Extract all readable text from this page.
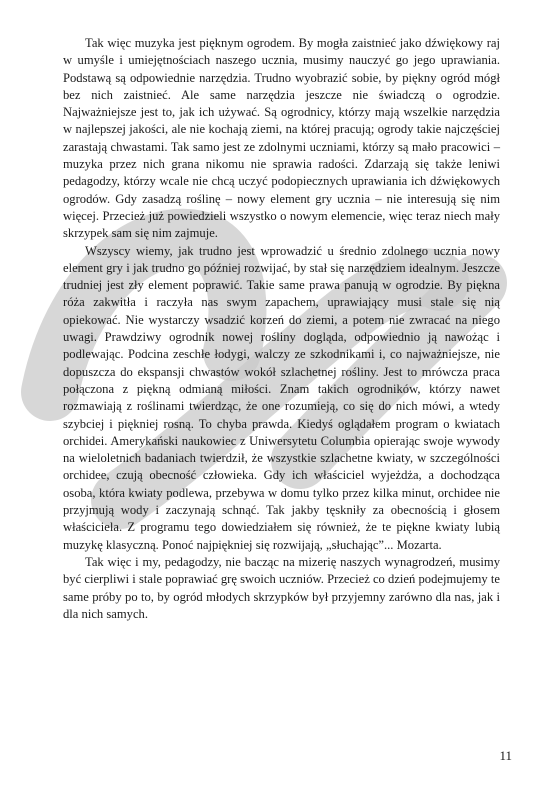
Tak więc muzyka jest pięknym ogrodem. By mogła zaistnieć jako dźwiękowy raj w umyśle i umiejętnościach naszego ucznia, musimy nauczyć go jego uprawiania. Podstawą są odpowiednie narzędzia. Trudno wyobrazić sobie, by piękny ogród mógł bez nich zaistnieć. Ale same narzędzia jeszcze nie świadczą o ogrodzie. Najważniejsze jest to, jak ich używać. Są ogrodnicy, którzy mają wszelkie narzędzia w najlepszej jakości, ale nie kochają ziemi, na której pracują; ogrody takie najczęściej zarastają chwastami. Tak samo jest ze zdolnymi uczniami, którzy są mało pracowici – muzyka przez nich grana nikomu nie sprawia radości. Zdarzają się także leniwi pedagodzy, którzy wcale nie chcą uczyć podopiecznych uprawiania ich dźwiękowych ogrodów. Gdy zasadzą roślinę – nowy element gry ucznia – nie interesują się nim więcej. Przecież już powiedzieli wszystko o nowym elemencie, więc teraz niech mały skrzypek sam się nim zajmuje.

Wszyscy wiemy, jak trudno jest wprowadzić u średnio zdolnego ucznia nowy element gry i jak trudno go później rozwijać, by stał się narzędziem idealnym. Jeszcze trudniej jest zły element poprawić. Takie same prawa panują w ogrodzie. By piękna róża zakwitła i raczyła nas swym zapachem, uprawiający musi stale się nią opiekować. Nie wystarczy wsadzić korzeń do ziemi, a potem nie zwracać na niego uwagi. Prawdziwy ogrodnik nowej rośliny dogląda, odpowiednio ją nawożąc i podlewając. Podcina zeschłe łodygi, walczy ze szkodnikami i, co najważniejsze, nie dopuszcza do ekspansji chwastów wokół szlachetnej rośliny. Jest to mrówcza praca połączona z piękną odmianą miłości. Znam takich ogrodników, którzy nawet rozmawiają z roślinami twierdząc, że one rozumieją, co się do nich mówi, a wtedy szybciej i piękniej rosną. To chyba prawda. Kiedyś oglądałem program o kwiatach orchidei. Amerykański naukowiec z Uniwersytetu Columbia opierając swoje wywody na wieloletnich badaniach twierdził, że wszystkie szlachetne kwiaty, w szczególności orchidee, czują obecność człowieka. Gdy ich właściciel wyjeżdża, a dochodząca osoba, która kwiaty podlewa, przebywa w domu tylko przez kilka minut, orchidee nie przyjmują wody i zaczynają schnąć. Tak jakby tęskniły za obecnością i głosem właściciela. Z programu tego dowiedziałem się również, że te piękne kwiaty lubią muzykę klasyczną. Ponoć najpiękniej się rozwijają, „słuchając”... Mozarta.

Tak więc i my, pedagodzy, nie bacząc na mizerię naszych wynagrodzeń, musimy być cierpliwi i stale poprawiać grę swoich uczniów. Przecież co dzień podejmujemy te same próby po to, by ogród młodych skrzypków był przyjemny zarówno dla nas, jak i dla nich samych.

11
